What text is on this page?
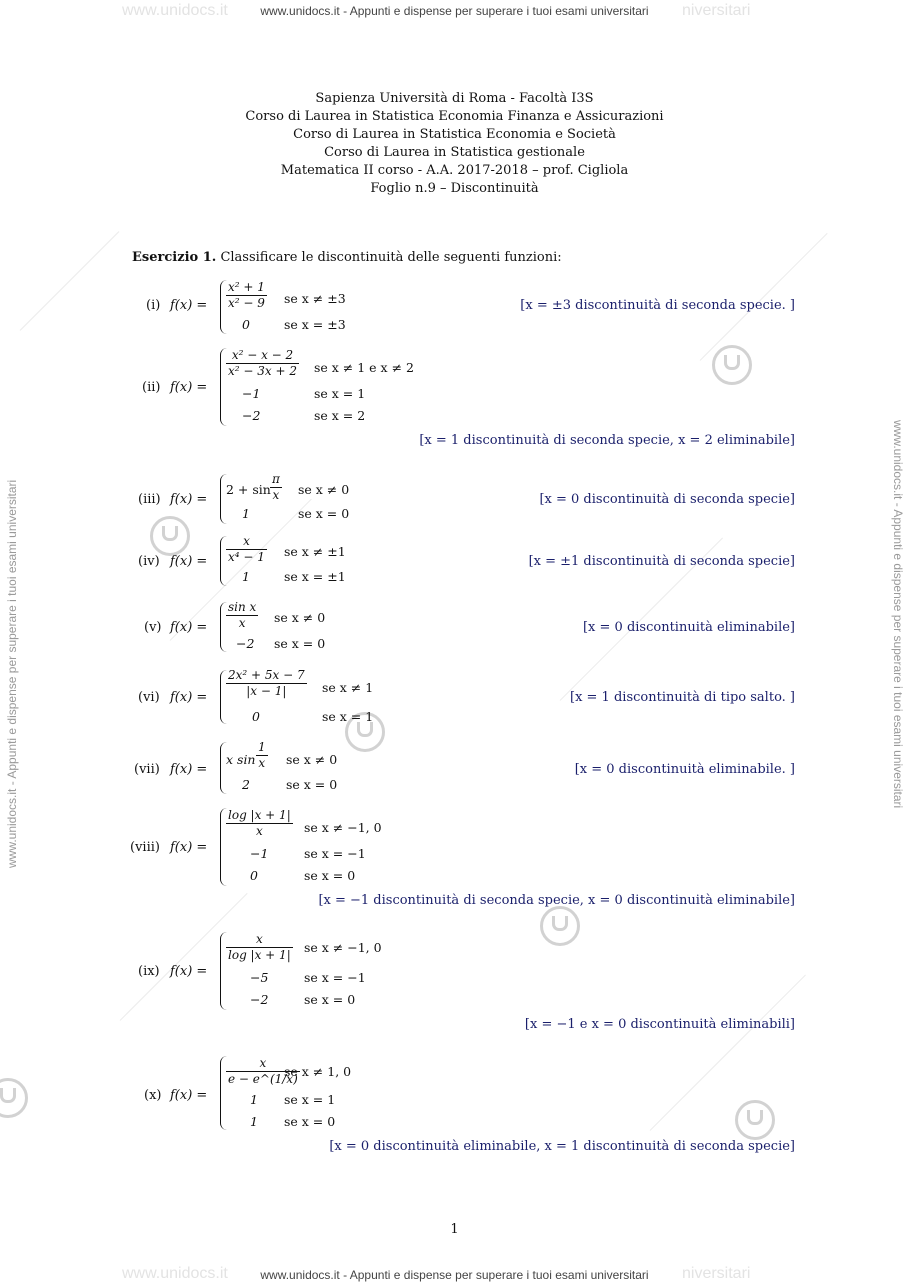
www.unidocs.it	niversitari
www.unidocs.it - Appunti e dispense per superare i tuoi esami universitari
www.unidocs.it	niversitari
www.unidocs.it - Appunti e dispense per superare i tuoi esami universitari
www.unidocs.it - Appunti e dispense per superare i tuoi esami universitari	www.unidocs.it - Appunti e dispense per superare i tuoi esami universitari
Sapienza Università di Roma - Facoltà I3S
Corso di Laurea in Statistica Economia Finanza e Assicurazioni
Corso di Laurea in Statistica Economia e Società
Corso di Laurea in Statistica gestionale
Matematica II corso - A.A. 2017-2018 – prof. Cigliola
Foglio n.9 – Discontinuità
Esercizio 1. Classificare le discontinuità delle seguenti funzioni:
(i) $f(x) = \frac{\text{x² + 1}}{\text{x² − 9}}$ se x ≠ ±3
0	se x = ±3
[x = ±3 discontinuità di seconda specie. ]
(ii) f(x) =
$\frac{\text{x² − x − 2}}{\text{x² − 3x + 2}}$ se x ≠ 1 e x ≠ 2
−1	se x = 1
−2	se x = 2
[x = 1 discontinuità di seconda specie, x = 2 eliminabile]
(iii) f(x) =
$2 + \sin \frac{\pi}{x}$ se x ≠ 0
1	se x = 0
[x = 0 discontinuità di seconda specie]
(iv) $f(x) = \frac{x}{\text{x⁴ − 1}}$ se x ≠ ±1
1	se x = ±1
[x = ±1 discontinuità di seconda specie]
(v) $f(x) = \frac{\text{sin x}}{x}$ se x ≠ 0
−2 se x = 0
[x = 0 discontinuità eliminabile]
(vi) $f(x) = \frac{\text{2x² + 5x − 7}}{|x - 1|}$ se x ≠ 1
0	se x = 1
[x = 1 discontinuità di tipo salto. ]
(vii) f(x) =
x $\sin \frac{1}{x}$ se x ≠ 0
2	se x = 0
[x = 0 discontinuità eliminabile. ]
(viii) f(x) =
$\frac{\log |x + 1|}{x}$ se x ≠ −1, 0
−1	se x = −1
0	se x = 0
[x = −1 discontinuità di seconda specie, x = 0 discontinuità eliminabile]
(ix) f(x) =
$\frac{x}{\log |x + 1|}$ se x ≠ −1, 0
−5	se x = −1
−2	se x = 0
[x = −1 e x = 0 discontinuità eliminabili]
(x) f(x) =
$\frac{x}{e - e\^{}(1/x)}$
se x ≠ 1, 0
1 se x = 1
1 se x = 0
[x = 0 discontinuità eliminabile, x = 1 discontinuità di seconda specie]
1
